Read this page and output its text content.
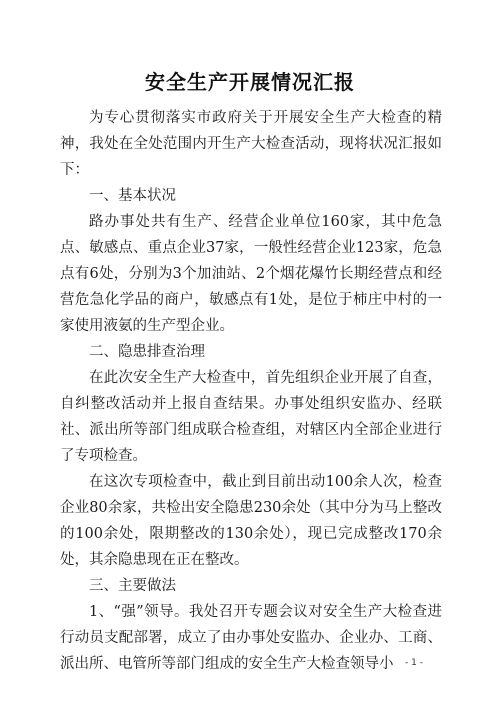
安全生产开展情况汇报

为专心贯彻落实市政府关于开展安全生产大检查的精神，我处在全处范围内开生产大检查活动，现将状况汇报如下：

一、基本状况

路办事处共有生产、经营企业单位160家，其中危急点、敏感点、重点企业37家，一般性经营企业123家，危急点有6处，分别为3个加油站、2个烟花爆竹长期经营点和经营危急化学品的商户，敏感点有1处，是位于柿庄中村的一家使用液氨的生产型企业。

二、隐患排查治理

在此次安全生产大检查中，首先组织企业开展了自查，自纠整改活动并上报自查结果。办事处组织安监办、经联社、派出所等部门组成联合检查组，对辖区内全部企业进行了专项检查。

在这次专项检查中，截止到目前出动100余人次，检查企业80余家，共检出安全隐患230余处（其中分为马上整改的100余处，限期整改的130余处），现已完成整改170余处，其余隐患现在正在整改。

三、主要做法

1、“强”领导。我处召开专题会议对安全生产大检查进行动员支配部署，成立了由办事处安监办、企业办、工商、派出所、电管所等部门组成的安全生产大检查领导小	- 1 -
